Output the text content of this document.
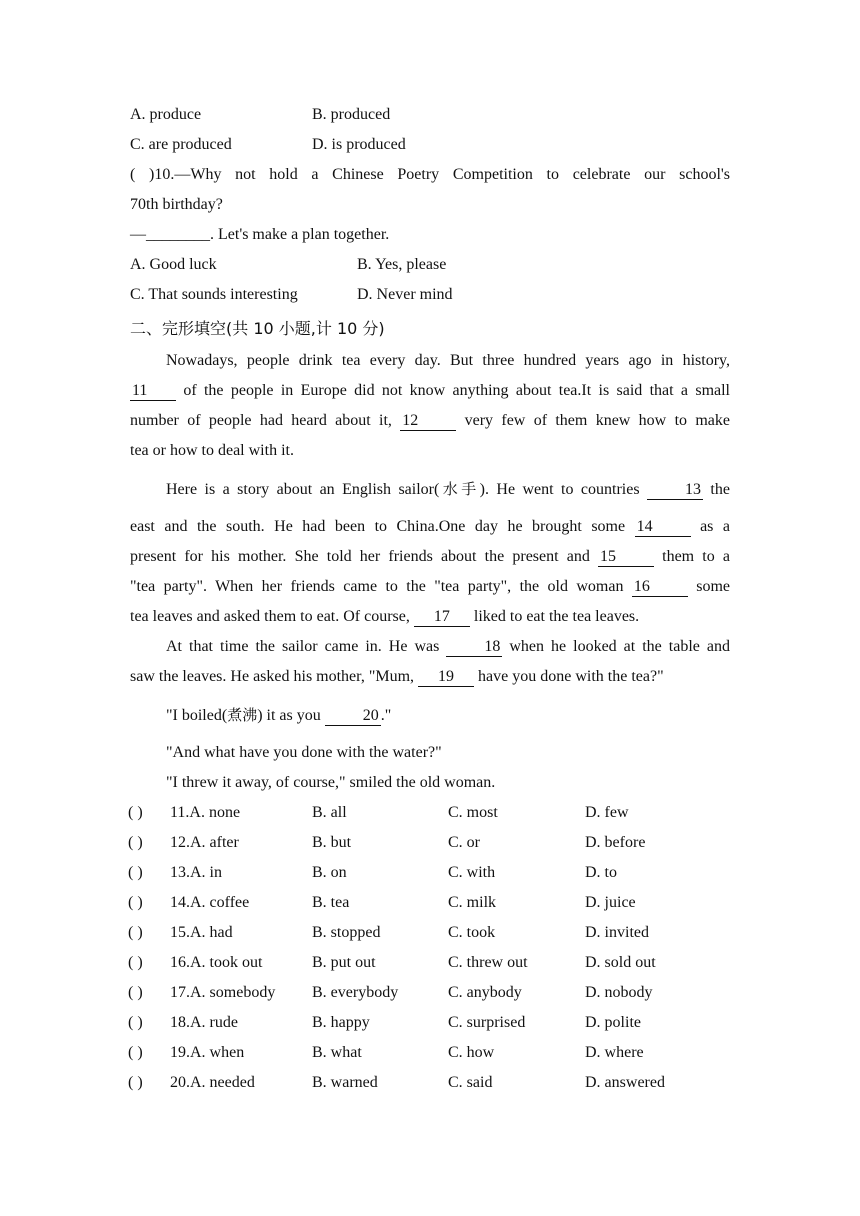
A. produce	B. produced
C. are produced	D. is produced
( )10.—Why not hold a Chinese Poetry Competition to celebrate our school's
70th birthday?
—________. Let's make a plan together.
A. Good luck	B. Yes, please
C. That sounds interesting	D. Never mind
二、完形填空(共 10 小题,计 10 分)
Nowadays, people drink tea every day. But three hundred years ago in history,
11 of the people in Europe did not know anything about tea.It is said that a small
number of people had heard about it, 12 very few of them knew how to make
tea or how to deal with it.
Here is a story about an English sailor(水手). He went to countries 13 the
east and the south. He had been to China.One day he brought some 14 as a
present for his mother. She told her friends about the present and 15 them to a
"tea party". When her friends came to the "tea party", the old woman 16 some
tea leaves and asked them to eat. Of course, 17 liked to eat the tea leaves.
At that time the sailor came in. He was 18 when he looked at the table and
saw the leaves. He asked his mother, "Mum, 19 have you done with the tea?"
"I boiled(煮沸) it as you 20 ."
"And what have you done with the water?"
"I threw it away, of course," smiled the old woman.
( ) 11.A. none	B. all	C. most	D. few
( ) 12.A. after	B. but	C. or	D. before
( ) 13.A. in	B. on	C. with	D. to
( ) 14.A. coffee	B. tea	C. milk	D. juice
( ) 15.A. had	B. stopped	C. took	D. invited
( ) 16.A. took out	B. put out	C. threw out	D. sold out
( ) 17.A. somebody B. everybody	C. anybody	D. nobody
( ) 18.A. rude	B. happy	C. surprised	D. polite
( ) 19.A. when	B. what	C. how	D. where
( ) 20.A. needed	B. warned	C. said	D. answered
